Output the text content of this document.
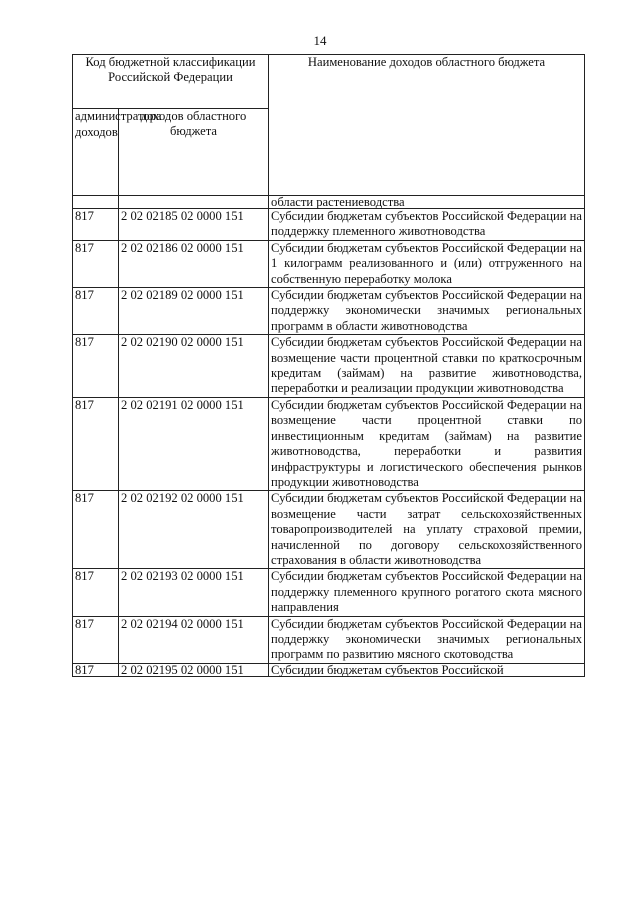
14
Код бюджетной классификации Российской Федерации		Наименование доходов областного бюджета
администратора доходов	доходов областного бюджета	
		области растениеводства
817	2 02 02185 02 0000 151	Субсидии бюджетам субъектов Российской Федерации на поддержку племенного животноводства
817	2 02 02186 02 0000 151	Субсидии бюджетам субъектов Российской Федерации на 1 килограмм реализованного и (или) отгруженного на собственную переработку молока
817	2 02 02189 02 0000 151	Субсидии бюджетам субъектов Российской Федерации на поддержку экономически значимых региональных программ в области животноводства
817	2 02 02190 02 0000 151	Субсидии бюджетам субъектов Российской Федерации на возмещение части процентной ставки по краткосрочным кредитам (займам) на развитие животноводства, переработки и реализации продукции животноводства
817	2 02 02191 02 0000 151	Субсидии бюджетам субъектов Российской Федерации на возмещение части процентной ставки по инвестиционным кредитам (займам) на развитие животноводства, переработки и развития инфраструктуры и логистического обеспечения рынков продукции животноводства
817	2 02 02192 02 0000 151	Субсидии бюджетам субъектов Российской Федерации на возмещение части затрат сельскохозяйственных товаропроизводителей на уплату страховой премии, начисленной по договору сельскохозяйственного страхования в области животноводства
817	2 02 02193 02 0000 151	Субсидии бюджетам субъектов Российской Федерации на поддержку племенного крупного рогатого скота мясного направления
817	2 02 02194 02 0000 151	Субсидии бюджетам субъектов Российской Федерации на поддержку экономически значимых региональных программ по развитию мясного скотоводства
817	2 02 02195 02 0000 151	Субсидии бюджетам субъектов Российской
